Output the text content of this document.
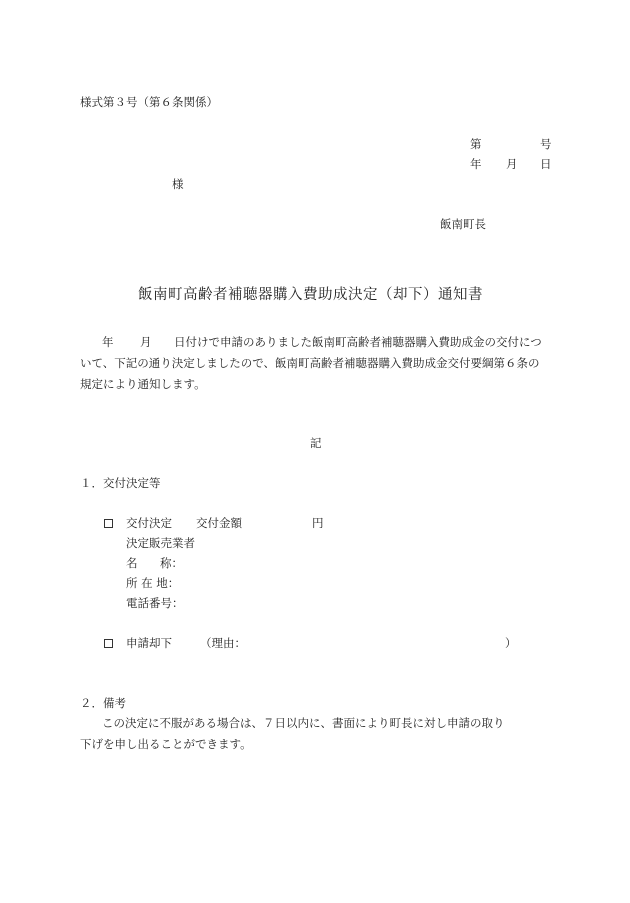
様式第３号（第６条関係）
第	号
年 月 日
様
飯南町長
飯南町高齢者補聴器購入費助成決定（却下）通知書
年 月 日付けで申請のありました飯南町高齢者補聴器購入費助成金の交付につ
いて、下記の通り決定しましたので、飯南町高齢者補聴器購入費助成金交付要綱第６条の
規定により通知します。
記
１．交付決定等
交付決定 交付金額	円
決定販売業者
名 称：
所 在 地：
電話番号：
申請却下 （理由：	）
２．備考
この決定に不服がある場合は、７日以内に、書面により町長に対し申請の取り
下げを申し出ることができます。
